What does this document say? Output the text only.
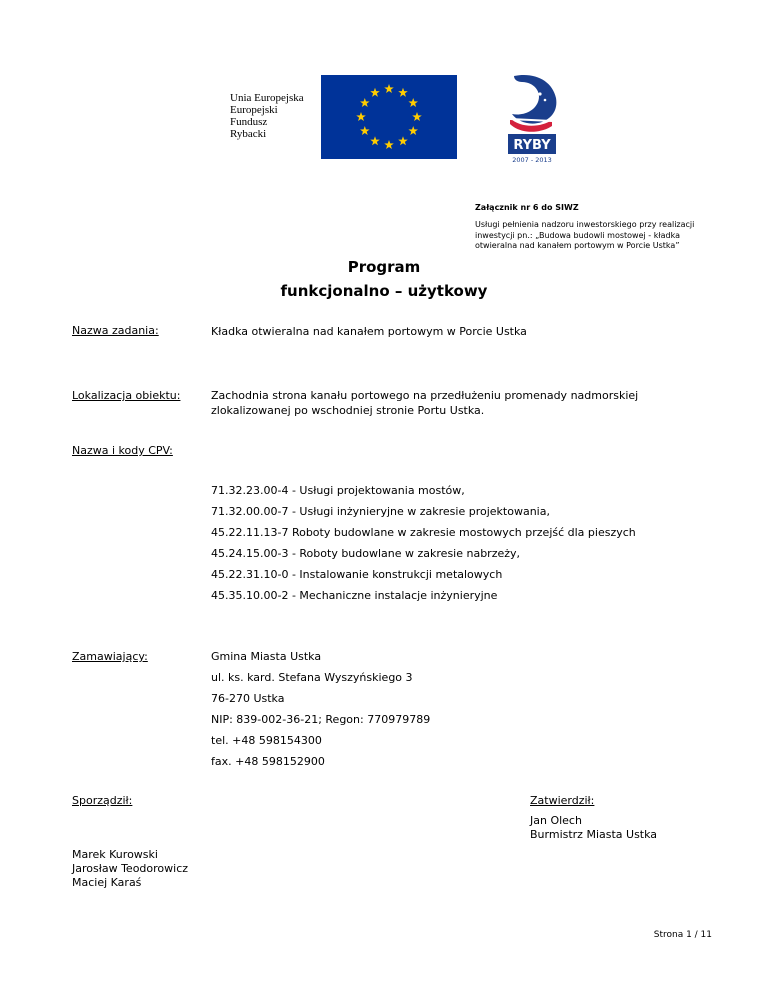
Unia Europejska
Europejski
Fundusz
Rybacki
RYBY
2007 - 2013
Załącznik nr 6 do SIWZ
Usługi pełnienia nadzoru inwestorskiego przy realizacji inwestycji pn.: „Budowa budowli mostowej - kładka otwieralna nad kanałem portowym w Porcie Ustka”
Program
funkcjonalno – użytkowy
Nazwa zadania:	Kładka otwieralna nad kanałem portowym w Porcie Ustka
Lokalizacja obiektu:	Zachodnia strona kanału portowego na przedłużeniu promenady nadmorskiej zlokalizowanej po wschodniej stronie Portu Ustka.
Nazwa i kody CPV:
71.32.23.00-4 - Usługi projektowania mostów,
71.32.00.00-7 - Usługi inżynieryjne w zakresie projektowania,
45.22.11.13-7 Roboty budowlane w zakresie mostowych przejść dla pieszych
45.24.15.00-3 - Roboty budowlane w zakresie nabrzeży,
45.22.31.10-0 - Instalowanie konstrukcji metalowych
45.35.10.00-2 - Mechaniczne instalacje inżynieryjne
Zamawiający:	Gmina Miasta Ustka
ul. ks. kard. Stefana Wyszyńskiego 3
76-270 Ustka
NIP: 839-002-36-21; Regon: 770979789
tel. +48 598154300
fax. +48 598152900
Sporządził:	Zatwierdził:
Jan Olech
Burmistrz Miasta Ustka
Marek Kurowski
Jarosław Teodorowicz
Maciej Karaś
Strona 1 / 11
